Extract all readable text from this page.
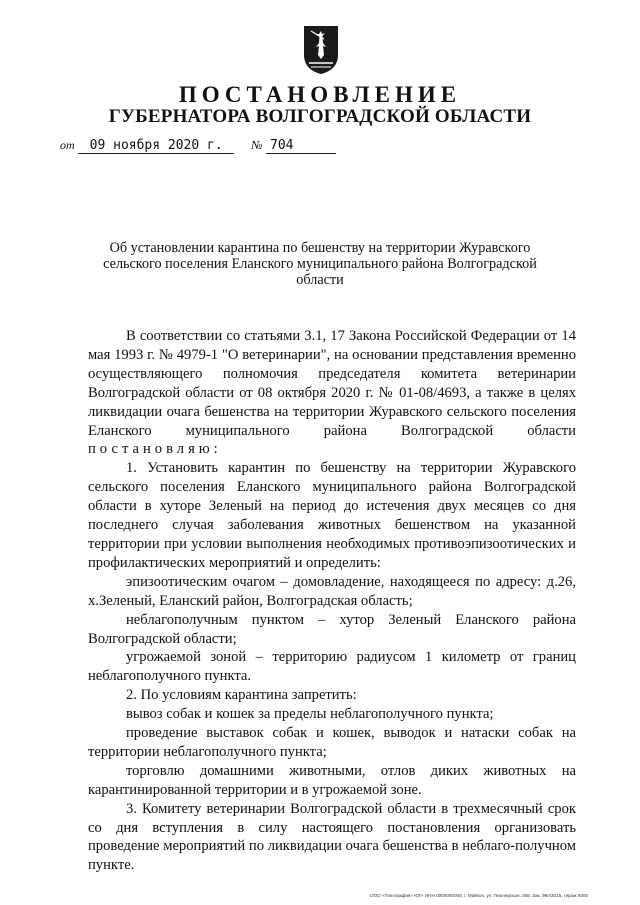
ПОСТАНОВЛЕНИЕ
ГУБЕРНАТОРА ВОЛГОГРАДСКОЙ ОБЛАСТИ
от 09 ноября 2020 г. № 704
Об установлении карантина по бешенству на территории Журавского сельского поселения Еланского муниципального района Волгоградской области

В соответствии со статьями 3.1, 17 Закона Российской Федерации от 14 мая 1993 г. № 4979-1 "О ветеринарии", на основании представления временно осуществляющего полномочия председателя комитета ветеринарии Волгоградской области от 08 октября 2020 г. № 01-08/4693, а также в целях ликвидации очага бешенства на территории Журавского сельского поселения Еланского муниципального района Волгоградской области постановляю:

1. Установить карантин по бешенству на территории Журавского сельского поселения Еланского муниципального района Волгоградской области в хуторе Зеленый на период до истечения двух месяцев со дня последнего случая заболевания животных бешенством на указанной территории при условии выполнения необходимых противоэпизоотических и профилактических мероприятий и определить:

эпизоотическим очагом – домовладение, находящееся по адресу: д.26, х.Зеленый, Еланский район, Волгоградская область;

неблагополучным пунктом – хутор Зеленый Еланского района Волгоградской области;

угрожаемой зоной – территорию радиусом 1 километр от границ неблагополучного пункта.

2. По условиям карантина запретить:

вывоз собак и кошек за пределы неблагополучного пункта;

проведение выставок собак и кошек, выводок и натаски собак на территории неблагополучного пункта;

торговлю домашними животными, отлов диких животных на карантинированной территории и в угрожаемой зоне.

3. Комитету ветеринарии Волгоградской области в трехмесячный срок со дня вступления в силу настоящего постановления организовать проведение мероприятий по ликвидации очага бешенства в неблаго-получном пункте.

ООО «Типография» ЮГ» ИНН 0000000000, г. Майкоп, ул. Пионерская, 268. Зак. 99п/2015, тираж 5000
